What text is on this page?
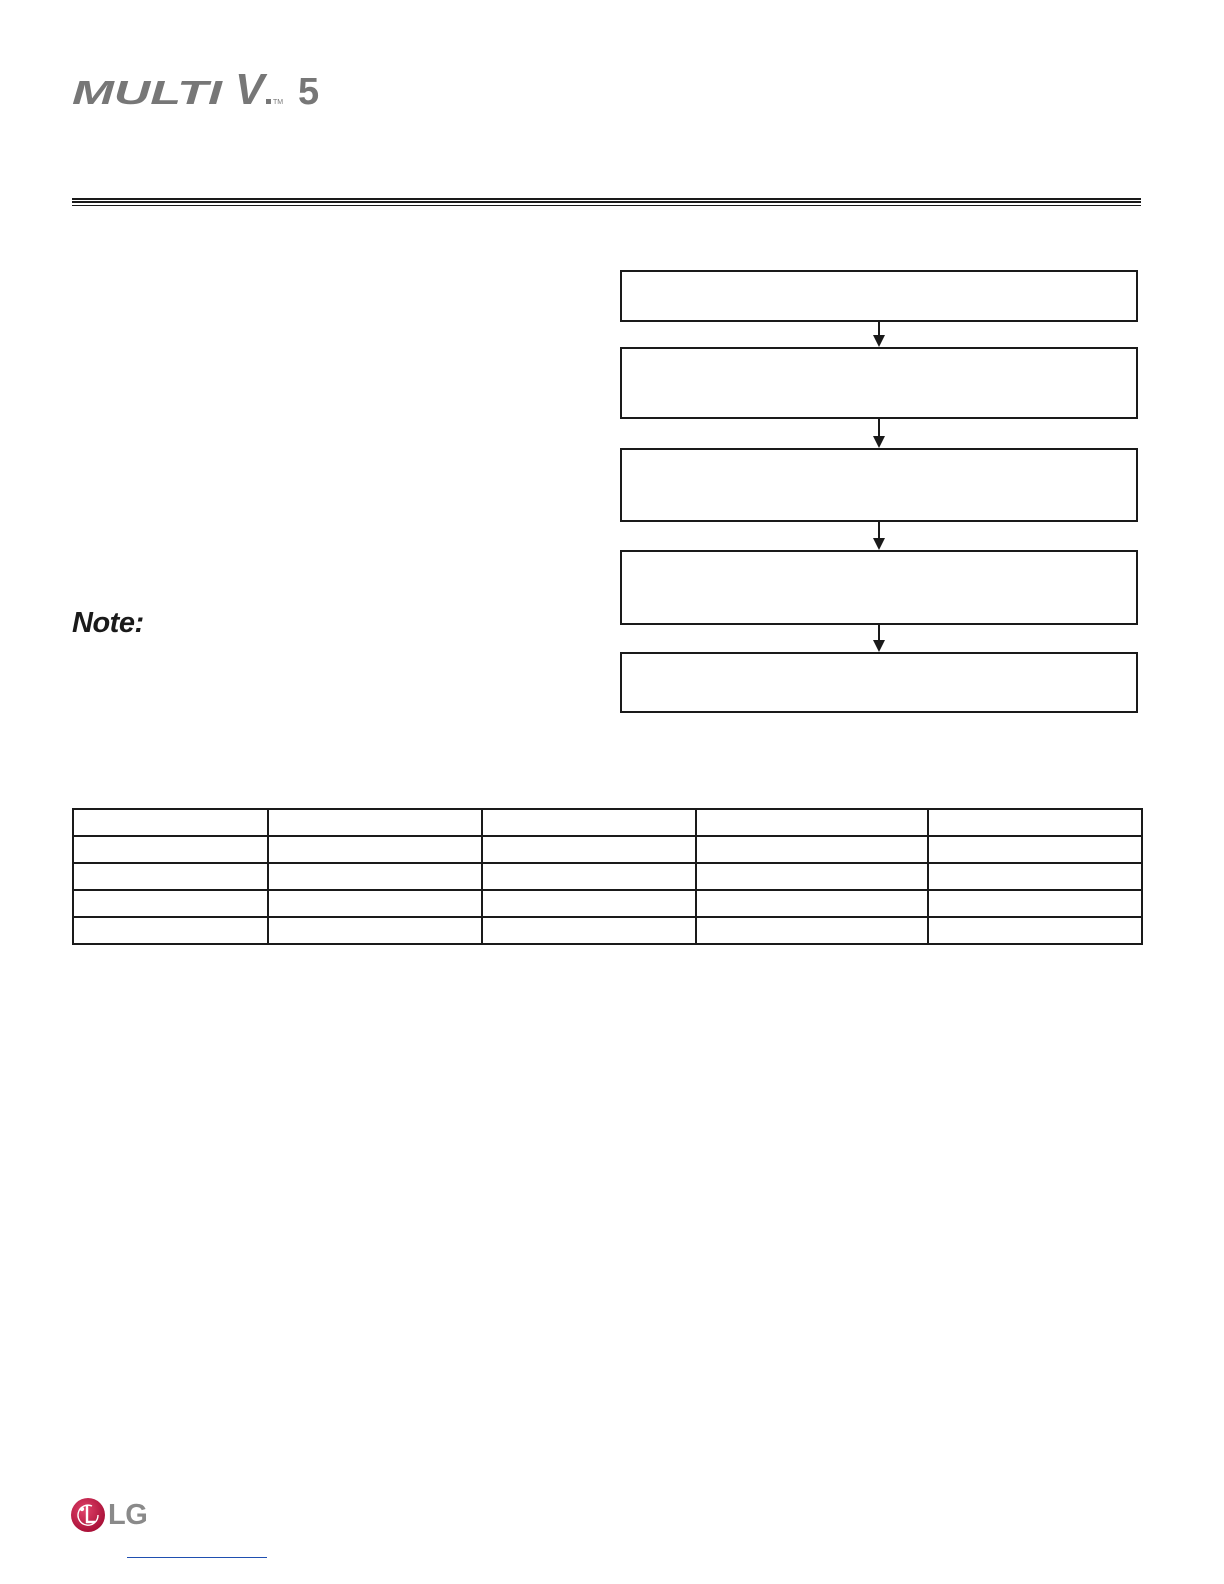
MULTI V	TM 5
Note:

LG
